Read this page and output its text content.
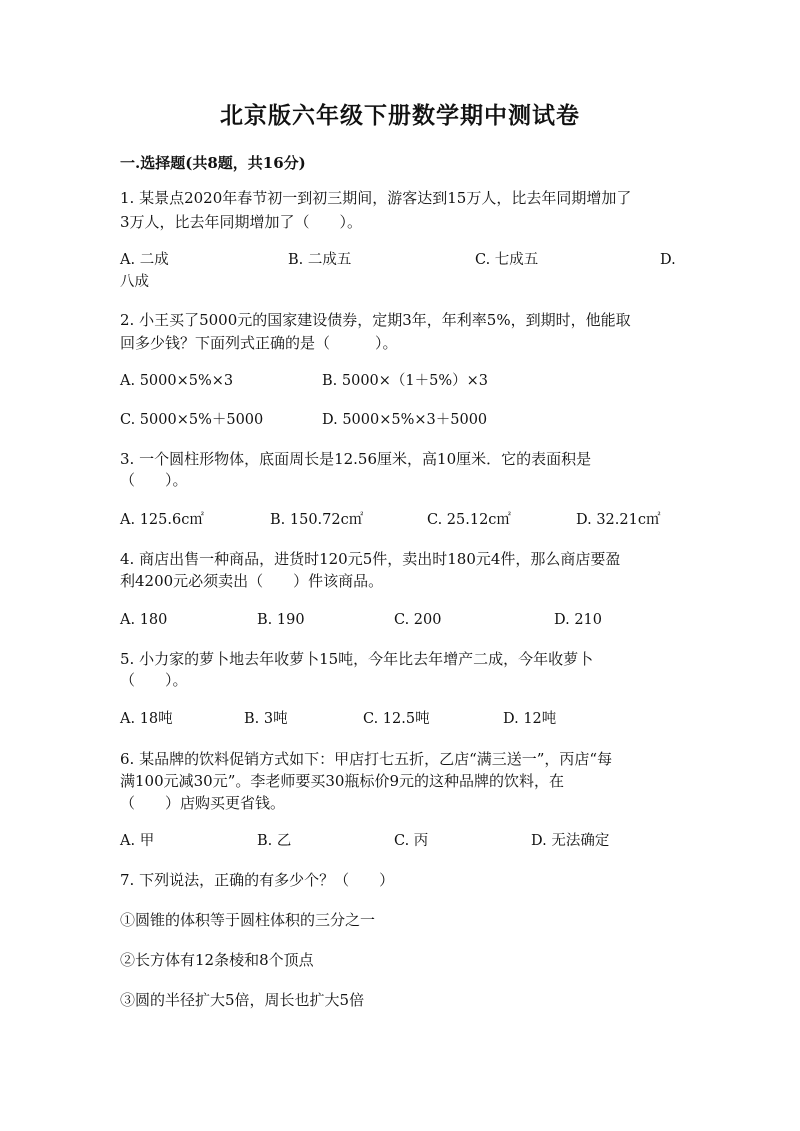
北京版六年级下册数学期中测试卷
一.选择题(共8题，共16分)
1. 某景点2020年春节初一到初三期间，游客达到15万人，比去年同期增加了
3万人，比去年同期增加了（　　）。
A. 二成	B. 二成五	C. 七成五	D.
八成
2. 小王买了5000元的国家建设债券，定期3年，年利率5%，到期时，他能取
回多少钱？下面列式正确的是（　　　）。
A. 5000×5%×3	B. 5000×（1＋5%）×3
C. 5000×5%＋5000	D. 5000×5%×3＋5000
3. 一个圆柱形物体，底面周长是12.56厘米，高10厘米．它的表面积是
（　　）。
A. 125.6c㎡	B. 150.72c㎡	C. 25.12c㎡	D. 32.21c㎡
4. 商店出售一种商品，进货时120元5件，卖出时180元4件，那么商店要盈
利4200元必须卖出（　　）件该商品。
A. 180	B. 190	C. 200	D. 210
5. 小力家的萝卜地去年收萝卜15吨，今年比去年增产二成，今年收萝卜
（　　）。
A. 18吨	B. 3吨	C. 12.5吨	D. 12吨
6. 某品牌的饮料促销方式如下：甲店打七五折，乙店“满三送一”，丙店“每
满100元减30元”。李老师要买30瓶标价9元的这种品牌的饮料，在
（　　）店购买更省钱。
A. 甲	B. 乙	C. 丙	D. 无法确定
7. 下列说法，正确的有多少个？（　　）
①圆锥的体积等于圆柱体积的三分之一
②长方体有12条棱和8个顶点
③圆的半径扩大5倍，周长也扩大5倍
